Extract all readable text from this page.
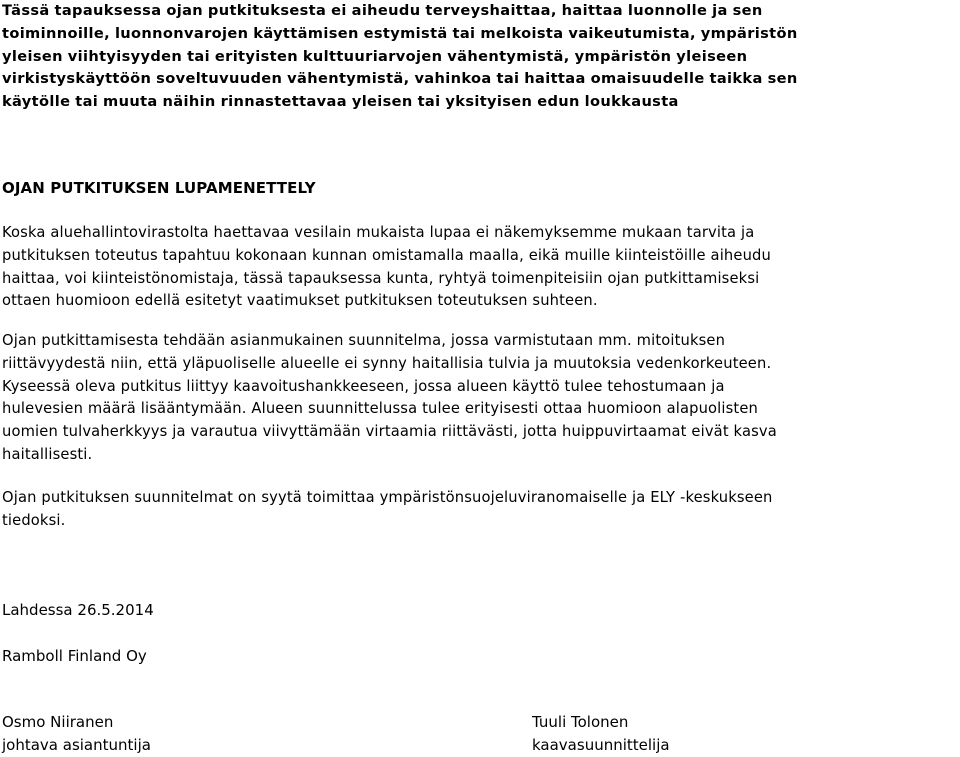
Tässä tapauksessa ojan putkituksesta ei aiheudu terveyshaittaa, haittaa luonnolle ja sen
toiminnoille, luonnonvarojen käyttämisen estymistä tai melkoista vaikeutumista, ympäristön
yleisen viihtyisyyden tai erityisten kulttuuriarvojen vähentymistä, ympäristön yleiseen
virkistyskäyttöön soveltuvuuden vähentymistä, vahinkoa tai haittaa omaisuudelle taikka sen
käytölle tai muuta näihin rinnastettavaa yleisen tai yksityisen edun loukkausta
OJAN PUTKITUKSEN LUPAMENETTELY
Koska aluehallintovirastolta haettavaa vesilain mukaista lupaa ei näkemyksemme mukaan tarvita ja
putkituksen toteutus tapahtuu kokonaan kunnan omistamalla maalla, eikä muille kiinteistöille aiheudu
haittaa, voi kiinteistönomistaja, tässä tapauksessa kunta, ryhtyä toimenpiteisiin ojan putkittamiseksi
ottaen huomioon edellä esitetyt vaatimukset putkituksen toteutuksen suhteen.
Ojan putkittamisesta tehdään asianmukainen suunnitelma, jossa varmistutaan mm. mitoituksen
riittävyydestä niin, että yläpuoliselle alueelle ei synny haitallisia tulvia ja muutoksia vedenkorkeuteen.
Kyseessä oleva putkitus liittyy kaavoitushankkeeseen, jossa alueen käyttö tulee tehostumaan ja
hulevesien määrä lisääntymään. Alueen suunnittelussa tulee erityisesti ottaa huomioon alapuolisten
uomien tulvaherkkyys ja varautua viivyttämään virtaamia riittävästi, jotta huippuvirtaamat eivät kasva
haitallisesti.
Ojan putkituksen suunnitelmat on syytä toimittaa ympäristönsuojeluviranomaiselle ja ELY -keskukseen
tiedoksi.
Lahdessa 26.5.2014
Ramboll Finland Oy
Osmo Niiranen
johtava asiantuntija
Tuuli Tolonen
kaavasuunnittelija
